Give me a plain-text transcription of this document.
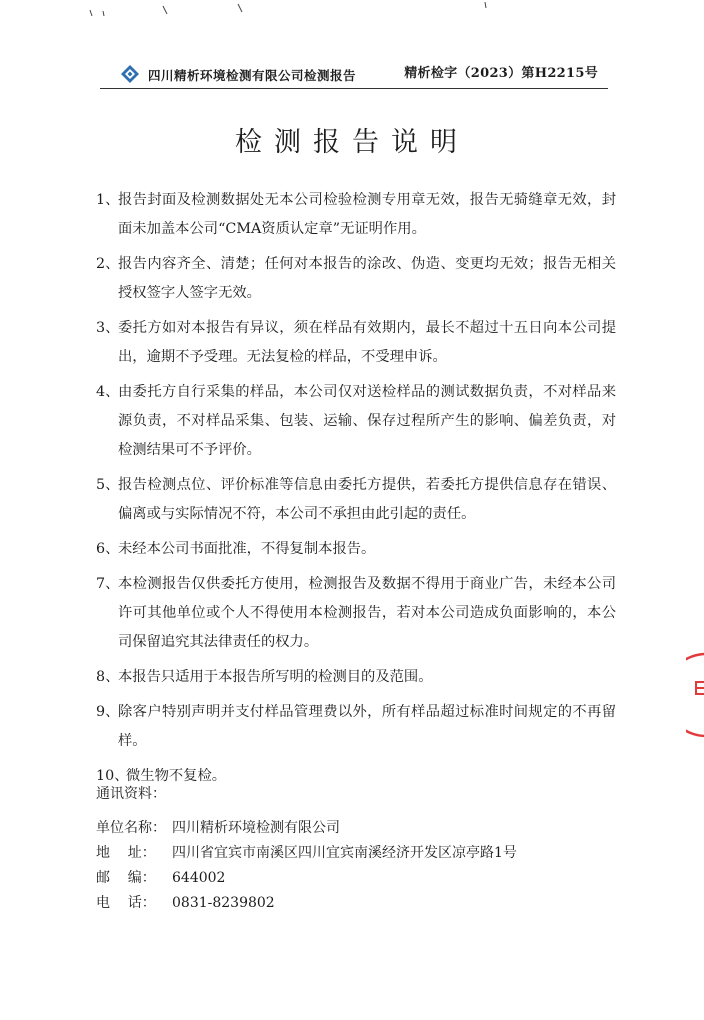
四川精析环境检测有限公司检测报告	精析检字（2023）第H2215号
检测报告说明
1、
报告封面及检测数据处无本公司检验检测专用章无效，报告无骑缝章无效，封面未加盖本公司“CMA资质认定章”无证明作用。
2、
报告内容齐全、清楚；任何对本报告的涂改、伪造、变更均无效；报告无相关授权签字人签字无效。
3、
委托方如对本报告有异议，须在样品有效期内，最长不超过十五日向本公司提出，逾期不予受理。无法复检的样品，不受理申诉。
4、
由委托方自行采集的样品，本公司仅对送检样品的测试数据负责，不对样品来源负责，不对样品采集、包装、运输、保存过程所产生的影响、偏差负责，对检测结果可不予评价。
5、
报告检测点位、评价标准等信息由委托方提供，若委托方提供信息存在错误、偏离或与实际情况不符，本公司不承担由此引起的责任。
6、
未经本公司书面批准，不得复制本报告。
7、
本检测报告仅供委托方使用，检测报告及数据不得用于商业广告，未经本公司许可其他单位或个人不得使用本检测报告，若对本公司造成负面影响的，本公司保留追究其法律责任的权力。
8、
本报告只适用于本报告所写明的检测目的及范围。
9、
除客户特别声明并支付样品管理费以外，所有样品超过标准时间规定的不再留样。
10、
微生物不复检。
通讯资料：
单位名称： 四川精析环境检测有限公司
地    址： 四川省宜宾市南溪区四川宜宾南溪经济开发区凉亭路1号
邮    编： 644002
电    话： 0831-8239802
